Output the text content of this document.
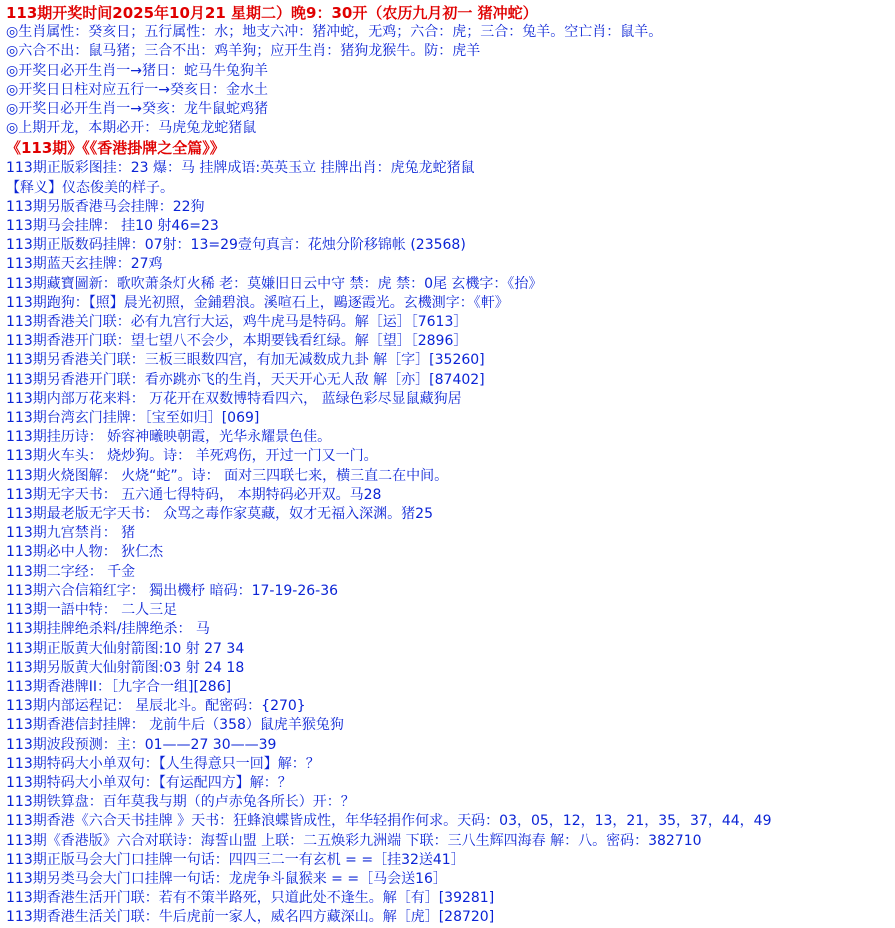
113期开奖时间2025年10月21 星期二）晚9：30开（农历九月初一 猪冲蛇）
◎生肖属性：癸亥日；五行属性：水；地支六冲：猪冲蛇，无鸡；六合：虎；三合：兔羊。空亡肖：鼠羊。
◎六合不出：鼠马猪；三合不出：鸡羊狗；应开生肖：猪狗龙猴牛。防：虎羊
◎开奖日必开生肖一→猪日：蛇马牛兔狗羊
◎开奖日日柱对应五行一→癸亥日：金水土
◎开奖日必开生肖一→癸亥：龙牛鼠蛇鸡猪
◎上期开龙，本期必开：马虎兔龙蛇猪鼠
《113期》《《香港掛牌之全篇》》
113期正版彩图挂：23 爆：马 挂牌成语:英英玉立 挂牌出肖：虎兔龙蛇猪鼠
【释义】仪态俊美的样子。
113期另版香港马会挂牌：22狗
113期马会挂牌： 挂10 射46=23
113期正版数码挂牌：07射：13=29壹句真言：花烛分阶移锦帐 (23568)
113期蓝天玄挂牌：27鸡
113期藏寶圖新：歌吹萧条灯火稀 老：莫嫌旧日云中守 禁：虎 禁：0尾 玄機字：《抬》
113期跑狗：【照】晨光初照，金鋪碧浪。溪喧石上，鷗逐霞光。玄機測字：《軒》
113期香港关门联：必有九宫行大运，鸡牛虎马是特码。解［运］［7613］
113期香港开门联：望七望八不会少，本期要钱看红绿。解［望］［2896］
113期另香港关门联：三板三眼数四宫，有加无减数成九卦 解［字］[35260]
113期另香港开门联：看亦跳亦飞的生肖，天天开心无人敌 解［亦］[87402]
113期内部万花来料： 万花开在双数博特看四六， 蓝绿色彩尽显鼠藏狗居
113期台湾玄门挂牌：［宝至如归］[069]
113期挂历诗： 娇容神曦映朝霞，光华永耀景色佳。
113期火车头： 烧炒狗。诗： 羊死鸡伤，开过一门又一门。
113期火烧图解： 火烧“蛇”。诗： 面对三四联七来，横三直二在中间。
113期无字天书： 五六通七得特码， 本期特码必开双。马28
113期最老版无字天书： 众骂之毒作家莫藏，奴才无福入深渊。猪25
113期九宫禁肖： 猪
113期必中人物： 狄仁杰
113期二字经： 千金
113期六合信箱红字： 獨出機杼 暗码：17-19-26-36
113期一語中特： 二人三足
113期挂牌绝杀料/挂牌绝杀： 马
113期正版黄大仙射箭图:10 射 27 34
113期另版黄大仙射箭图:03 射 24 18
113期香港牌II：［九字合一组][286]
113期内部运程记： 星辰北斗。配密码：{270}
113期香港信封挂牌： 龙前牛后（358）鼠虎羊猴兔狗
113期波段预测：主：01——27 30——39
113期特码大小单双句：【人生得意只一回】解：？
113期特码大小单双句：【有运配四方】解：？
113期铁算盘：百年莫我与期（的卢赤兔各所长）开：？
113期香港《六合天书挂牌 》天书：狂蜂浪蝶皆成性，年华轻捐作何求。天码：03，05，12，13，21，35，37，44，49
113期《香港版》六合对联诗：海誓山盟 上联：二五焕彩九洲端 下联：三八生辉四海春 解：八。密码：382710
113期正版马会大门口挂牌一句话：四四三二一有玄机 = =［挂32送41］
113期另类马会大门口挂牌一句话：龙虎争斗鼠猴来 = =［马会送16］
113期香港生活开门联：若有不策半路死，只道此处不逢生。解［有］[39281]
113期香港生活关门联：牛后虎前一家人，威名四方藏深山。解［虎］[28720]
